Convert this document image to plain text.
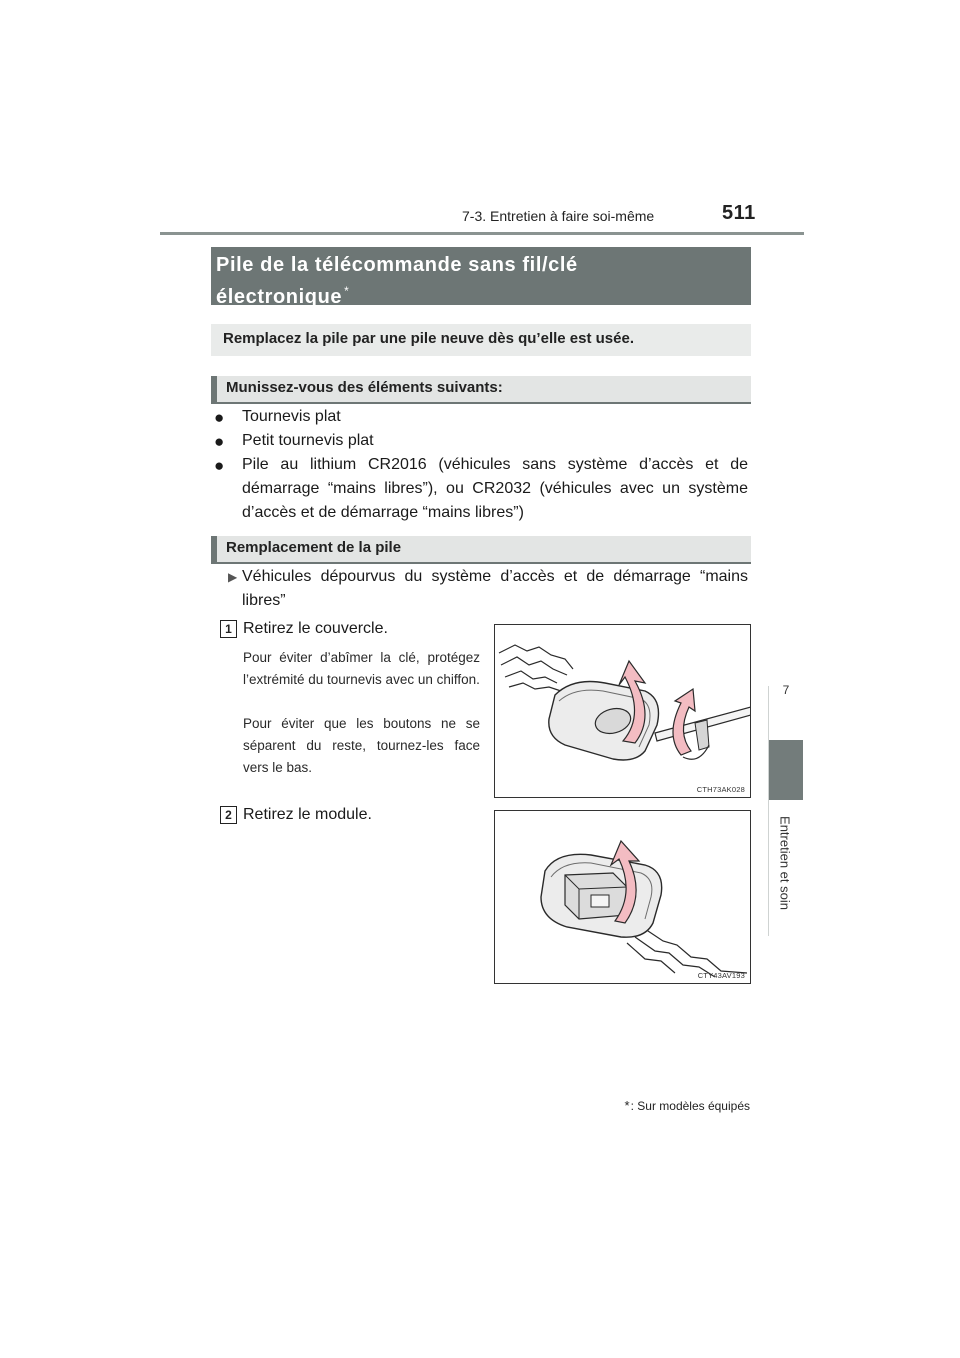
7-3. Entretien à faire soi-même	511
7
Entretien et soin
Pile de la télécommande sans fil/clé
électronique *
Remplacez la pile par une pile neuve dès qu’elle est usée.
Munissez-vous des éléments suivants:
● Tournevis plat
● Petit tournevis plat
● Pile au lithium CR2016 (véhicules sans système d’accès et de démarrage “mains libres”), ou CR2032 (véhicules avec un système d’accès et de démarrage “mains libres”)
Remplacement de la pile
▶ Véhicules dépourvus du système d’accès et de démarrage “mains libres”
1 Retirez le couvercle.
Pour éviter d’abîmer la clé, protégez l’extrémité du tournevis avec un chiffon.
Pour éviter que les boutons ne se séparent du reste, tournez-les face vers le bas.
CTH73AK028
2 Retirez le module.
CTY43AV193
*: Sur modèles équipés
